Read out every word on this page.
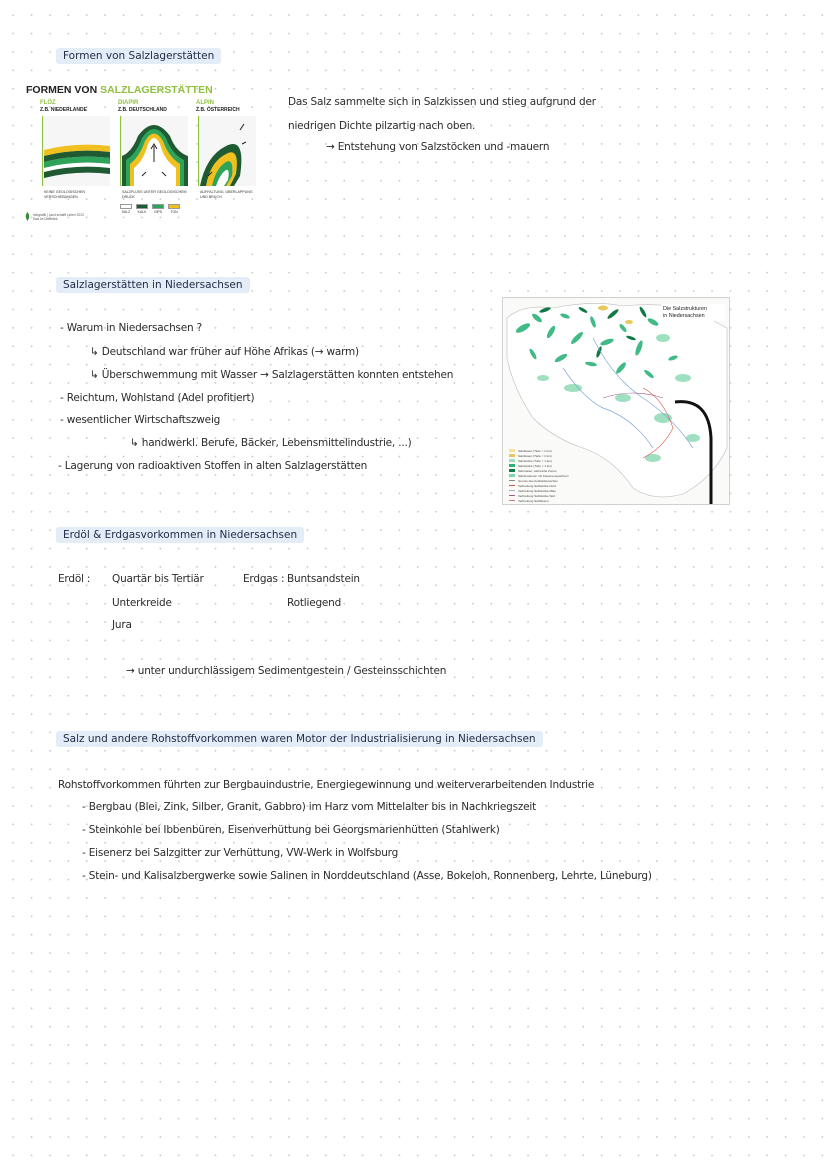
Formen von Salzlagerstätten
FORMEN VON SALZLAGERSTÄTTEN
FLÖZ
Z.B. NIEDERLANDE
KEINE GEOLOGISCHEN VERSCHIEBUNGEN
DIAPIR
Z.B. DEUTSCHLAND
SALZFLUSS UNTER GEOLOGISCHEM DRUCK
ALPIN
Z.B. ÖSTERREICH
AUFFALTUNG, ÜBERLAPPUNG UND BRUCH
SALZ KALK GIPS TON
Infografik | Land schafft Leben 2023
Salz im Überblick
Das Salz sammelte sich in Salzkissen und stieg aufgrund der
niedrigen Dichte pilzartig nach oben.
→ Entstehung von Salzstöcken und -mauern
Salzlagerstätten in Niedersachsen
- Warum in Niedersachsen ?
↳ Deutschland war früher auf Höhe Afrikas (→ warm)
↳ Überschwemmung mit Wasser → Salzlagerstätten konnten entstehen
- Reichtum, Wohlstand (Adel profitiert)
- wesentlicher Wirtschaftszweig
↳ handwerkl. Berufe, Bäcker, Lebensmittelindustrie, ...)
- Lagerung von radioaktiven Stoffen in alten Salzlagerstätten
Die Salzstrukturen
in Niedersachsen
Salzkissen (Tiefe > 1 km)
Salzkissen (Tiefe < 1 km)
Salzstöcke (Tiefe > 1 km)
Salzstöcke (Tiefe < 1 km)
Salzmauer, salzreiche Zonen
Salzstrukturen mit Kavernenspeichern
Grenze des Ausbissbereiches
Verbreitung Salzstöcke Nord
Verbreitung Salzstöcke Mitte
Verbreitung Salzstöcke Süd
Verbreitung Salzkissen
Erdöl & Erdgasvorkommen in Niedersachsen
Erdöl : Quartär bis Tertiär
Unterkreide
Jura
Erdgas : Buntsandstein
Rotliegend
→ unter undurchlässigem Sedimentgestein / Gesteinsschichten
Salz und andere Rohstoffvorkommen waren Motor der Industrialisierung in Niedersachsen
Rohstoffvorkommen führten zur Bergbauindustrie, Energiegewinnung und weiterverarbeitenden Industrie
- Bergbau (Blei, Zink, Silber, Granit, Gabbro) im Harz vom Mittelalter bis in Nachkriegszeit
- Steinkohle bei Ibbenbüren, Eisenverhüttung bei Georgsmarienhütten (Stahlwerk)
- Eisenerz bei Salzgitter zur Verhüttung, VW-Werk in Wolfsburg
- Stein- und Kalisalzbergwerke sowie Salinen in Norddeutschland (Asse, Bokeloh, Ronnenberg, Lehrte, Lüneburg)
